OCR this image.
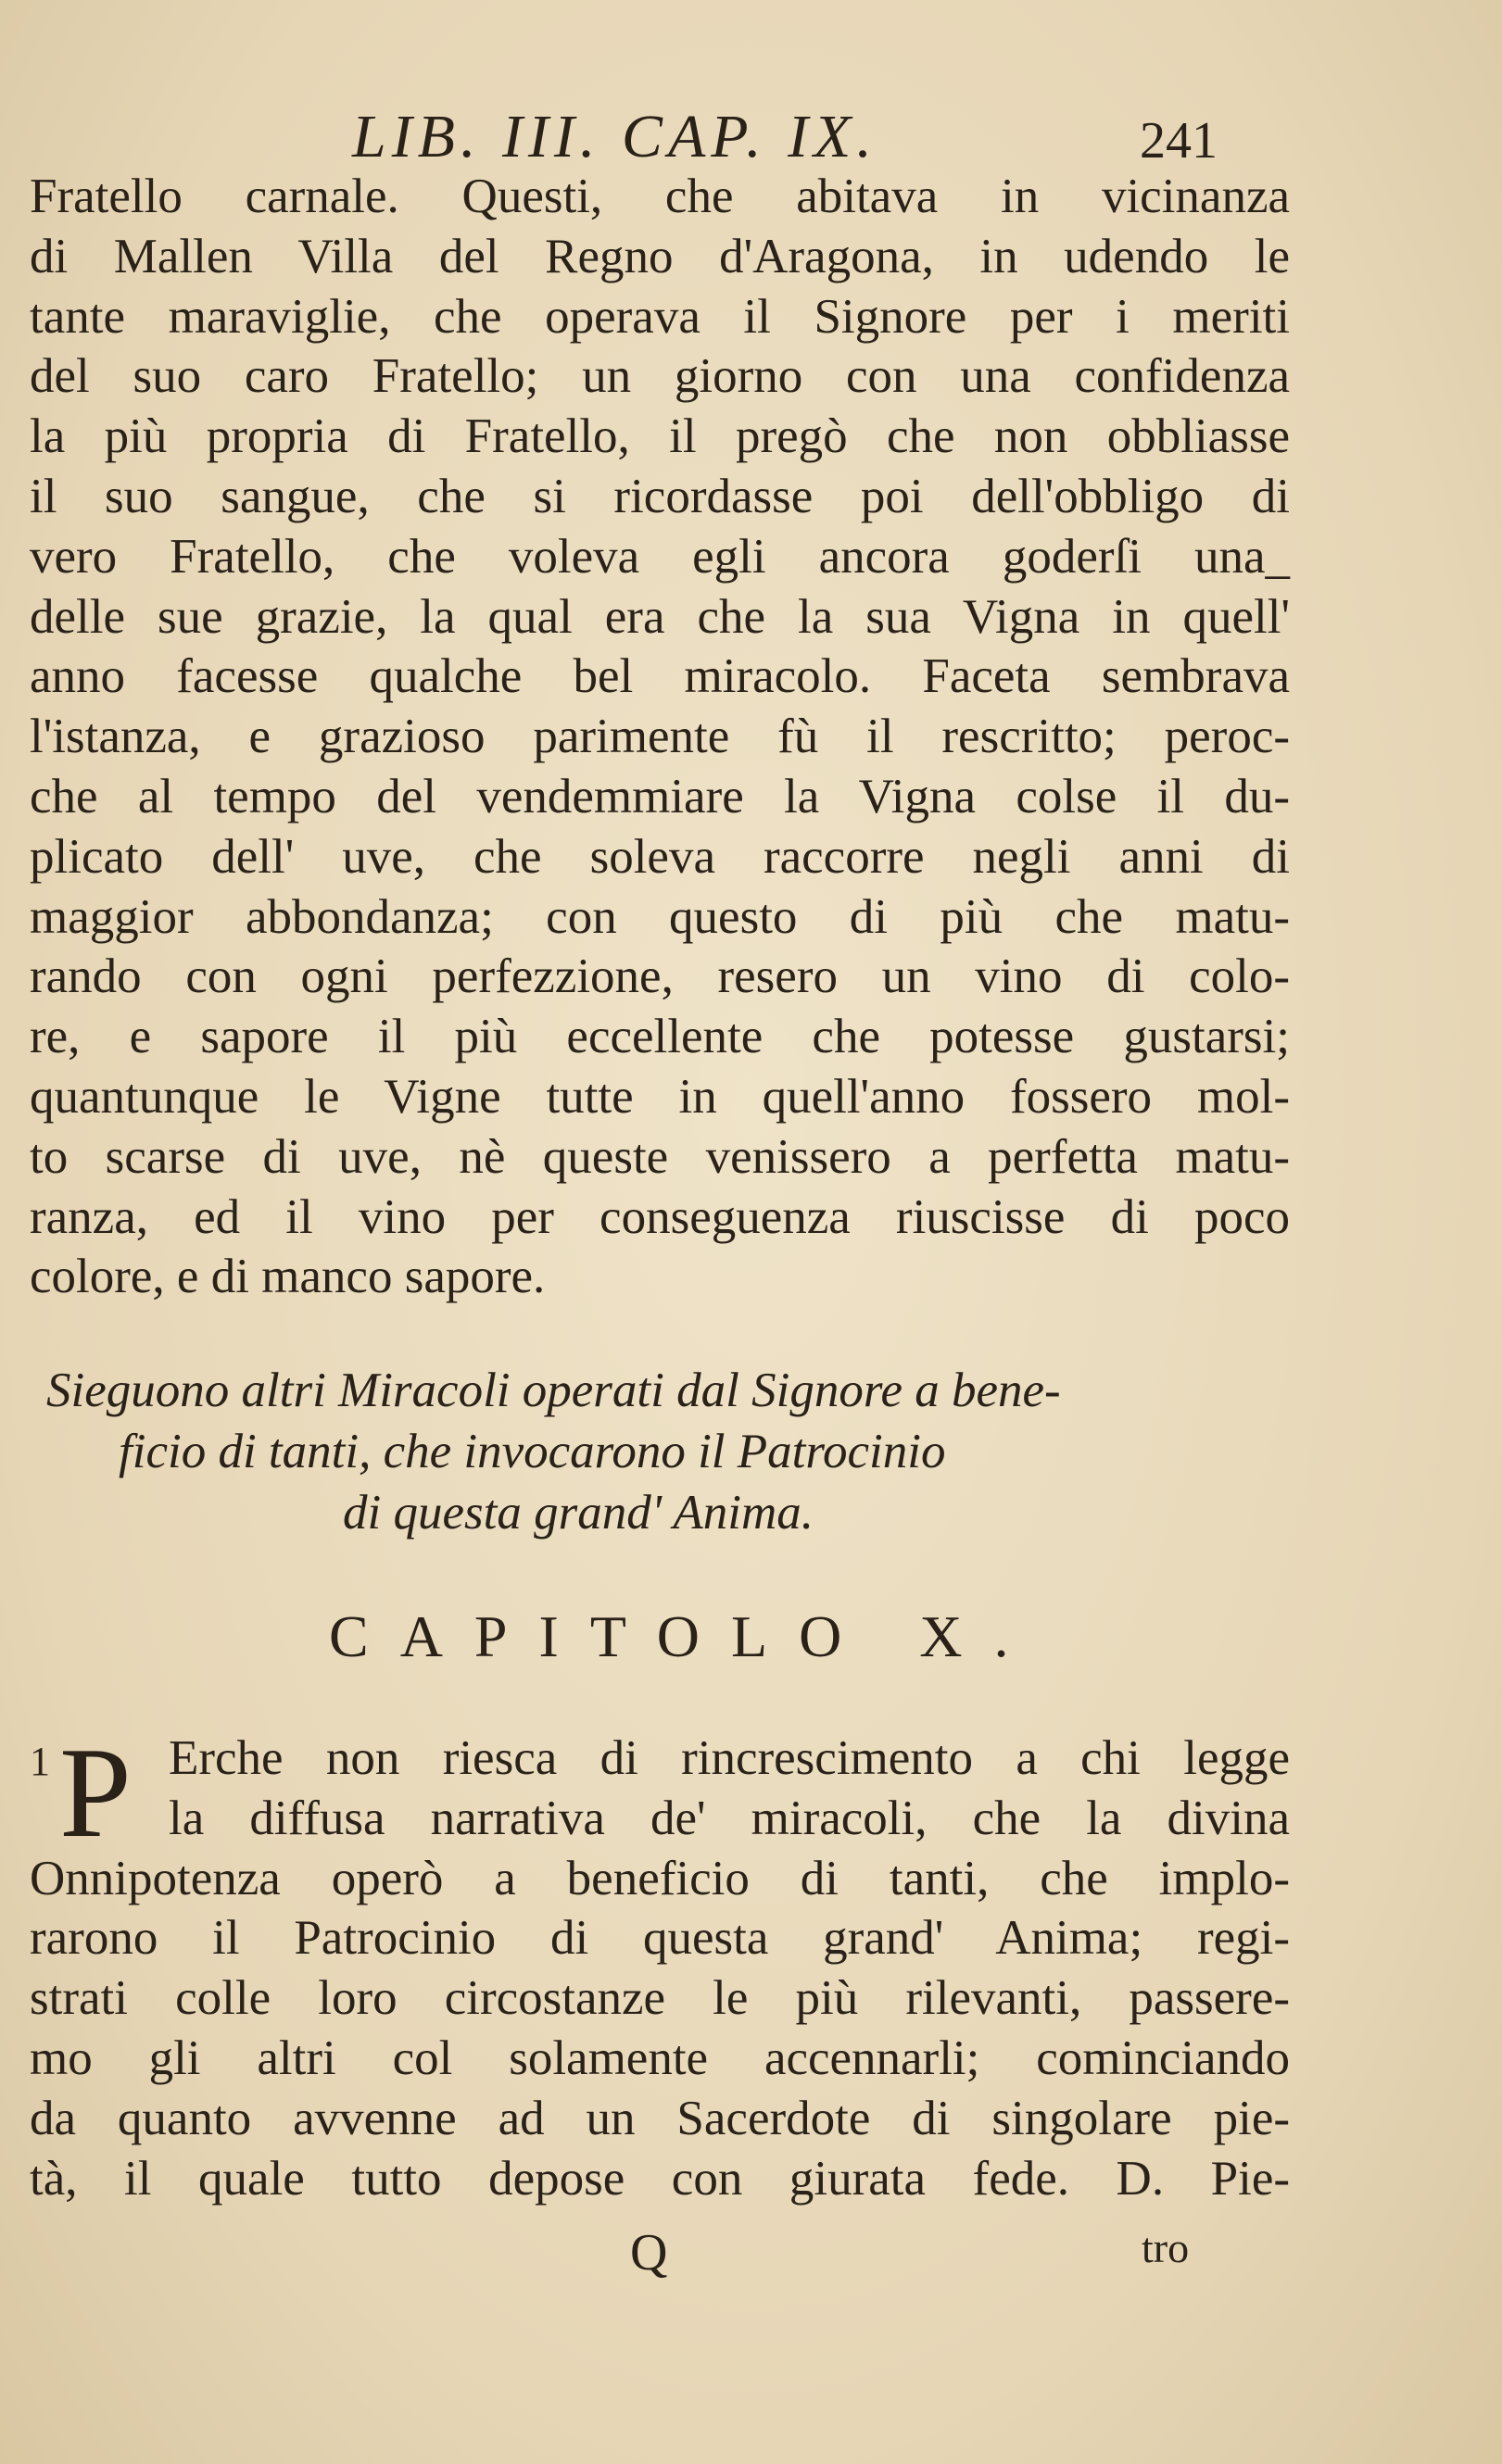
LIB. III. CAP. IX.	241
Fratello carnale. Questi, che abitava in vicinanza
di Mallen Villa del Regno d'Aragona, in udendo le
tante maraviglie, che operava il Signore per i meriti
del suo caro Fratello; un giorno con una confidenza
la più propria di Fratello, il pregò che non obbliasse
il suo sangue, che si ricordasse poi dell'obbligo di
vero Fratello, che voleva egli ancora goderſi una_
delle sue grazie, la qual era che la sua Vigna in quell'
anno facesse qualche bel miracolo. Faceta sembrava
l'istanza, e grazioso parimente fù il rescritto; peroc-
che al tempo del vendemmiare la Vigna colse il du-
plicato dell' uve, che soleva raccorre negli anni di
maggior abbondanza; con questo di più che matu-
rando con ogni perfezzione, resero un vino di colo-
re, e sapore il più eccellente che potesse gustarsi;
quantunque le Vigne tutte in quell'anno fossero mol-
to scarse di uve, nè queste venissero a perfetta matu-
ranza, ed il vino per conseguenza riuscisse di poco
colore, e di manco sapore.
Sieguono altri Miracoli operati dal Signore a bene-
ficio di tanti, che invocarono il Patrocinio
di questa grand' Anima.
CAPITOLO X.
1 P Erche non riesca di rincrescimento a chi legge
la diffusa narrativa de' miracoli, che la divina
Onnipotenza operò a beneficio di tanti, che implo-
rarono il Patrocinio di questa grand' Anima; regi-
strati colle loro circostanze le più rilevanti, passere-
mo gli altri col solamente accennarli; cominciando
da quanto avvenne ad un Sacerdote di singolare pie-
tà, il quale tutto depose con giurata fede. D. Pie-
Q	tro
